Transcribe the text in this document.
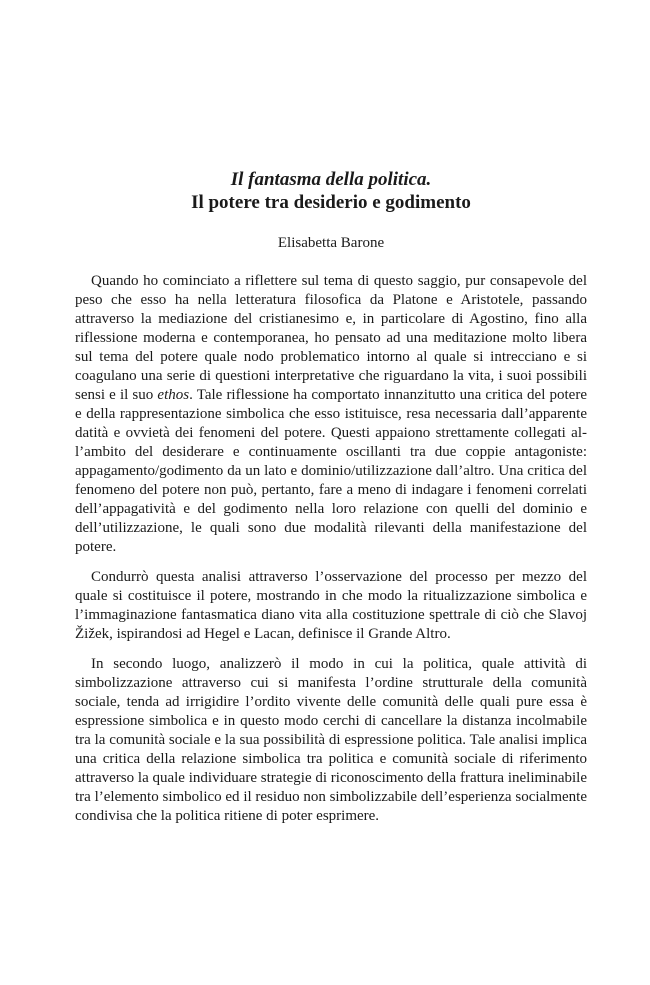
Il fantasma della politica.
Il potere tra desiderio e godimento
Elisabetta Barone

Quando ho cominciato a riflettere sul tema di questo saggio, pur consapevole del peso che esso ha nella letteratura filosofica da Platone e Aristotele, passando attraverso la mediazione del cristianesimo e, in particolare di Agostino, fino alla riflessione moderna e contemporanea, ho pensato ad una meditazione molto libera sul tema del potere quale nodo problematico intorno al quale si intrecciano e si coagulano una serie di questioni interpretative che riguardano la vita, i suoi possibili sensi e il suo ethos. Tale riflessione ha comportato innanzitutto una critica del potere e della rappresentazione simbolica che esso istituisce, resa necessaria dall’apparente datità e ovvietà dei fenomeni del potere. Questi appaiono strettamente collegati all’ambito del desiderare e continuamente oscillanti tra due coppie antagoniste: appagamento/godimento da un lato e dominio/utilizzazione dall’altro. Una critica del fenomeno del potere non può, pertanto, fare a meno di indagare i fenomeni correlati dell’appagatività e del godimento nella loro relazione con quelli del dominio e dell’utilizzazione, le quali sono due modalità rilevanti della manifestazione del potere.

Condurrò questa analisi attraverso l’osservazione del processo per mezzo del quale si costituisce il potere, mostrando in che modo la ritualizzazione simbolica e l’immaginazione fantasmatica diano vita alla costituzione spettrale di ciò che Slavoj Žižek, ispirandosi ad Hegel e Lacan, definisce il Grande Altro.

In secondo luogo, analizzerò il modo in cui la politica, quale attività di simbolizzazione attraverso cui si manifesta l’ordine strutturale della comunità sociale, tenda ad irrigidire l’ordito vivente delle comunità delle quali pure essa è espressione simbolica e in questo modo cerchi di cancellare la distanza incolmabile tra la comunità sociale e la sua possibilità di espressione politica. Tale analisi implica una critica della relazione simbolica tra politica e comunità sociale di riferimento attraverso la quale individuare strategie di riconoscimento della frattura ineliminabile tra l’elemento simbolico ed il residuo non simbolizzabile dell’esperienza socialmente condivisa che la politica ritiene di poter esprimere.
